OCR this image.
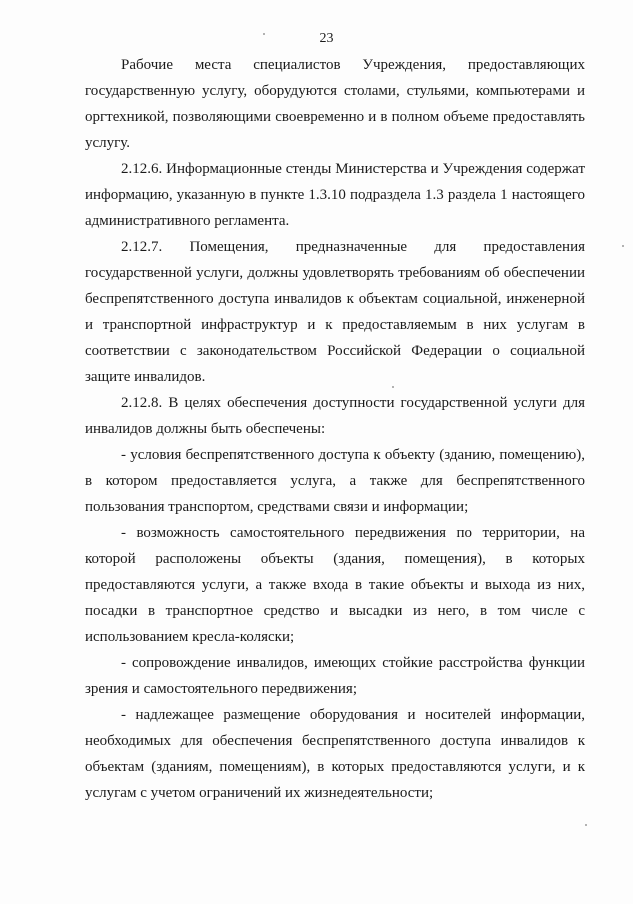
23

Рабочие места специалистов Учреждения, предоставляющих государственную услугу, оборудуются столами, стульями, компьютерами и оргтехникой, позволяющими своевременно и в полном объеме предоставлять услугу.

2.12.6. Информационные стенды Министерства и Учреждения содержат информацию, указанную в пункте 1.3.10 подраздела 1.3 раздела 1 настоящего административного регламента.

2.12.7. Помещения, предназначенные для предоставления государственной услуги, должны удовлетворять требованиям об обеспечении беспрепятственного доступа инвалидов к объектам социальной, инженерной и транспортной инфраструктур и к предоставляемым в них услугам в соответствии с законодательством Российской Федерации о социальной защите инвалидов.

2.12.8. В целях обеспечения доступности государственной услуги для инвалидов должны быть обеспечены:

- условия беспрепятственного доступа к объекту (зданию, помещению), в котором предоставляется услуга, а также для беспрепятственного пользования транспортом, средствами связи и информации;

- возможность самостоятельного передвижения по территории, на которой расположены объекты (здания, помещения), в которых предоставляются услуги, а также входа в такие объекты и выхода из них, посадки в транспортное средство и высадки из него, в том числе с использованием кресла-коляски;

- сопровождение инвалидов, имеющих стойкие расстройства функции зрения и самостоятельного передвижения;

- надлежащее размещение оборудования и носителей информации, необходимых для обеспечения беспрепятственного доступа инвалидов к объектам (зданиям, помещениям), в которых предоставляются услуги, и к услугам с учетом ограничений их жизнедеятельности;
